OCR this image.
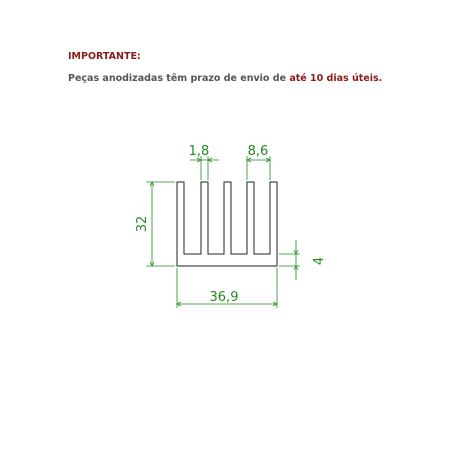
IMPORTANTE:
Peças anodizadas têm prazo de envio de até 10 dias úteis.
1,8	8,6
32
4
36,9
